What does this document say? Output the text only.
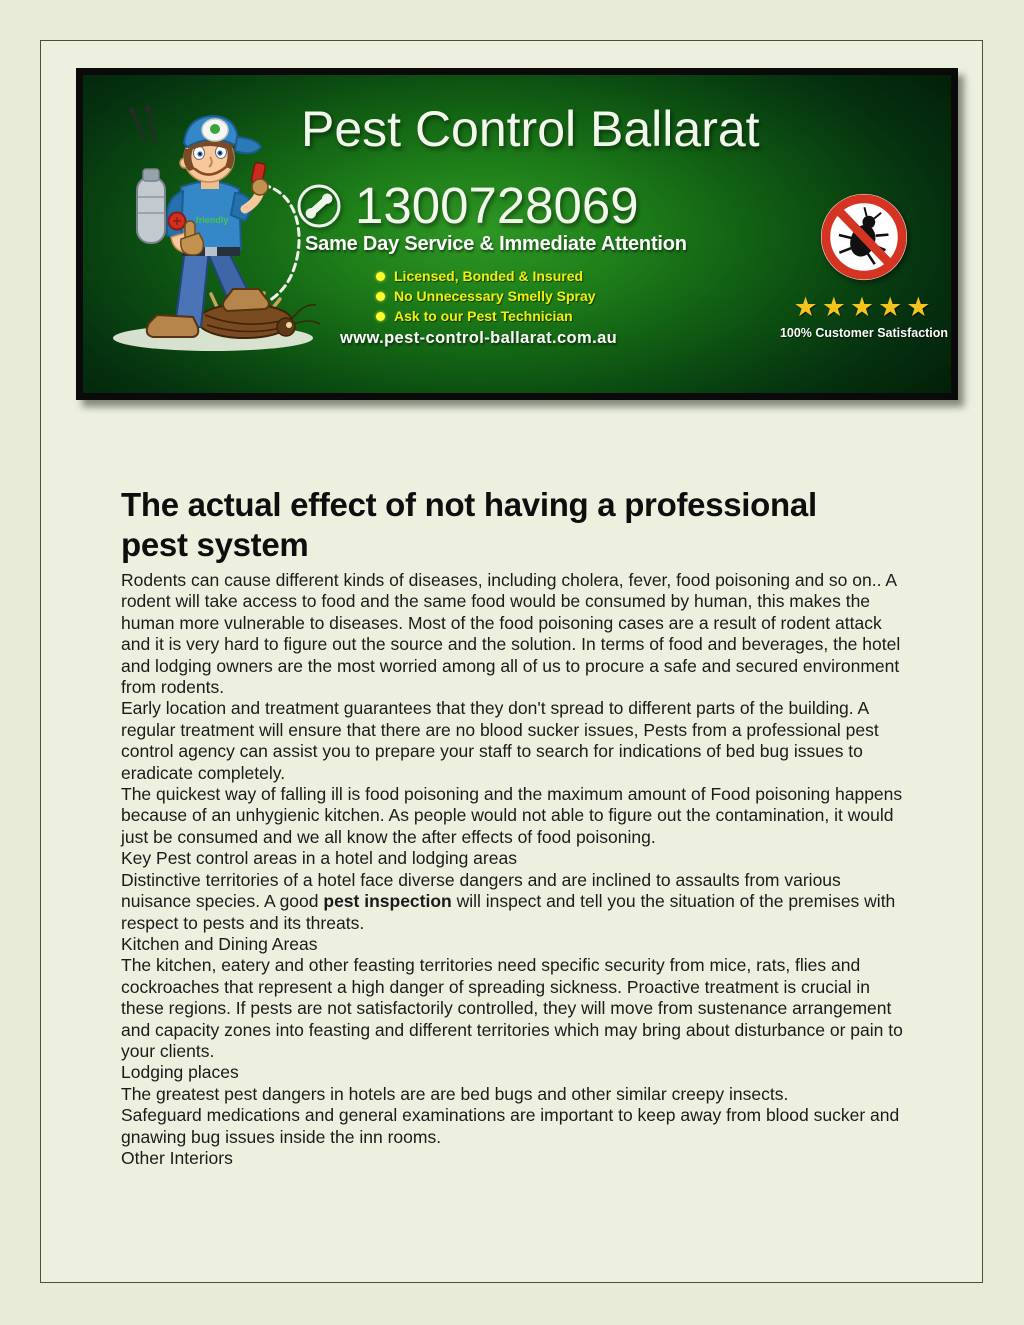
friendly
Pest Control Ballarat
1300728069
Same Day Service & Immediate Attention
Licensed, Bonded & Insured
No Unnecessary Smelly Spray
Ask to our Pest Technician
www.pest-control-ballarat.com.au
★★★★★
100% Customer Satisfaction
The actual effect of not having a professional
pest system

Rodents can cause different kinds of diseases, including cholera, fever, food poisoning and so on.. A rodent will take access to food and the same food would be consumed by human, this makes the human more vulnerable to diseases. Most of the food poisoning cases are a result of rodent attack and it is very hard to figure out the source and the solution. In terms of food and beverages, the hotel and lodging owners are the most worried among all of us to procure a safe and secured environment from rodents.

Early location and treatment guarantees that they don't spread to different parts of the building. A regular treatment will ensure that there are no blood sucker issues, Pests from a professional pest control agency can assist you to prepare your staff to search for indications of bed bug issues to eradicate completely.

The quickest way of falling ill is food poisoning and the maximum amount of Food poisoning happens because of an unhygienic kitchen. As people would not able to figure out the contamination, it would just be consumed and we all know the after effects of food poisoning.

Key Pest control areas in a hotel and lodging areas

Distinctive territories of a hotel face diverse dangers and are inclined to assaults from various nuisance species. A good pest inspection will inspect and tell you the situation of the premises with respect to pests and its threats.

Kitchen and Dining Areas

The kitchen, eatery and other feasting territories need specific security from mice, rats, flies and cockroaches that represent a high danger of spreading sickness. Proactive treatment is crucial in these regions. If pests are not satisfactorily controlled, they will move from sustenance arrangement and capacity zones into feasting and different territories which may bring about disturbance or pain to your clients.

Lodging places

The greatest pest dangers in hotels are are bed bugs and other similar creepy insects.

Safeguard medications and general examinations are important to keep away from blood sucker and gnawing bug issues inside the inn rooms.

Other Interiors
